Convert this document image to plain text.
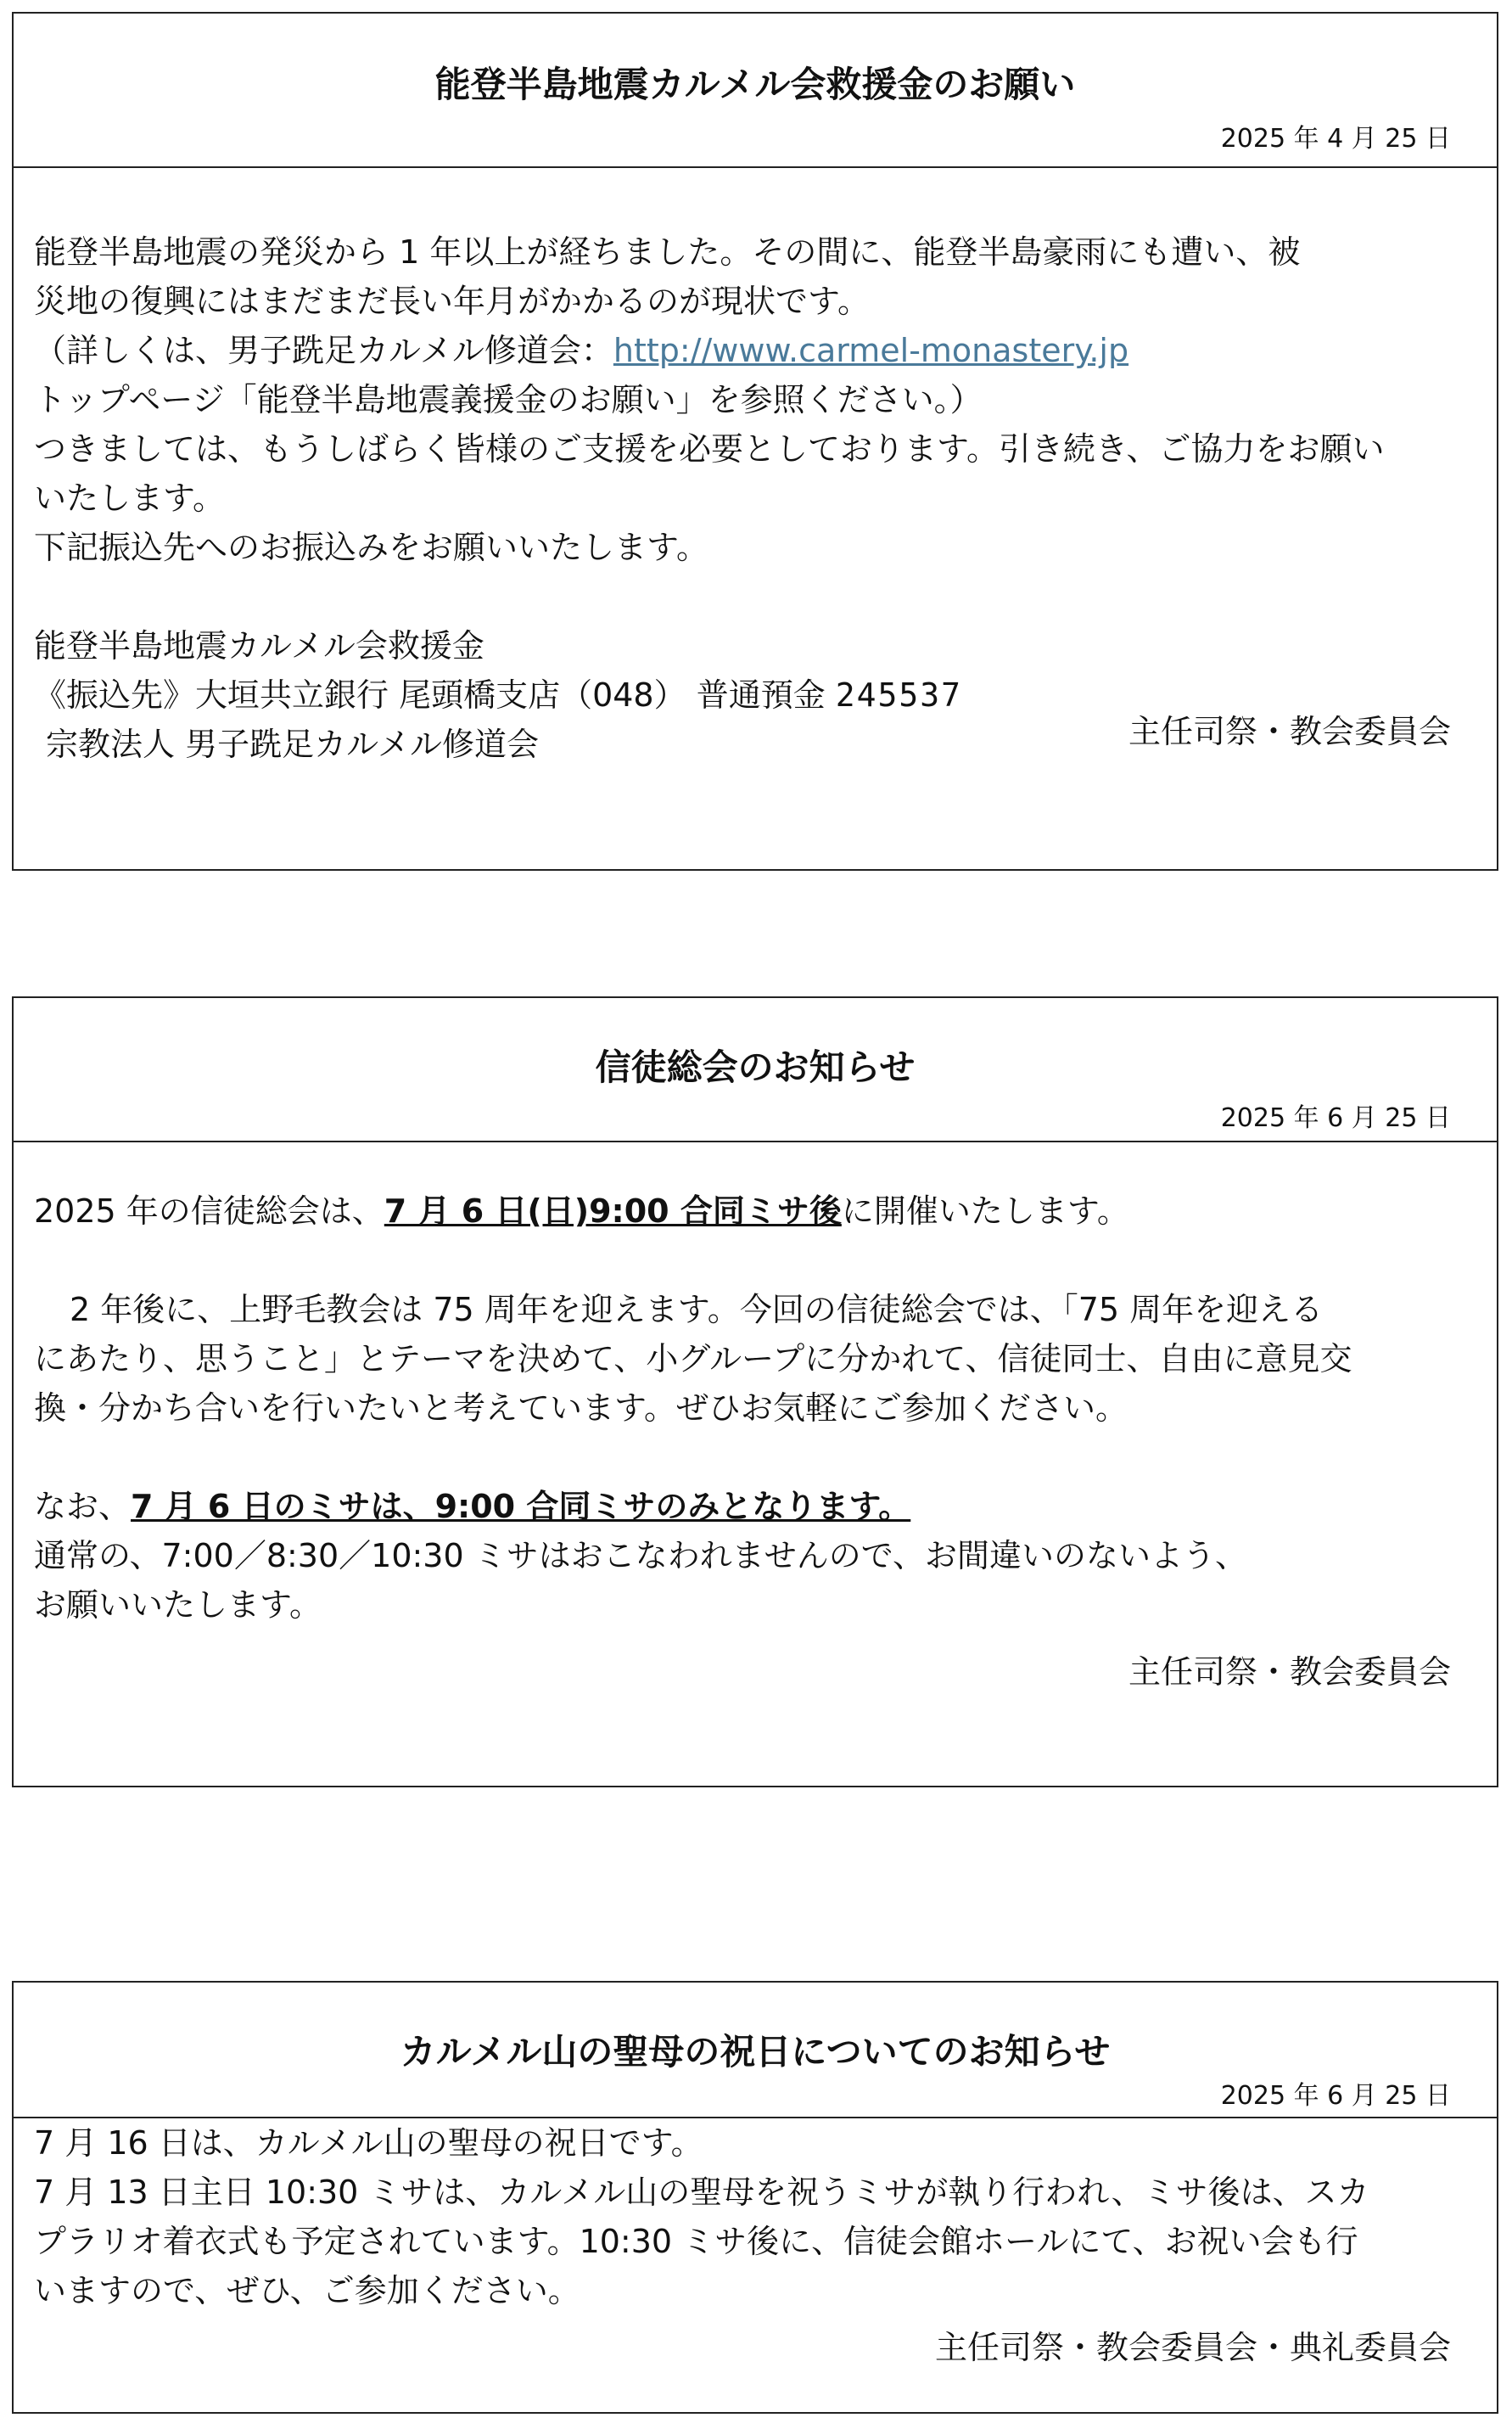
能登半島地震カルメル会救援金のお願い
2025 年 4 月 25 日

能登半島地震の発災から 1 年以上が経ちました。その間に、能登半島豪雨にも遭い、被

災地の復興にはまだまだ長い年月がかかるのが現状です。

（詳しくは、男子跣足カルメル修道会：http://www.carmel-monastery.jp

トップページ「能登半島地震義援金のお願い」を参照ください。）

つきましては、もうしばらく皆様のご支援を必要としております。引き続き、ご協力をお願い

いたします。

下記振込先へのお振込みをお願いいたします。

能登半島地震カルメル会救援金

《振込先》大垣共立銀行 尾頭橋支店（048） 普通預金 245537

宗教法人 男子跣足カルメル修道会	主任司祭・教会委員会
信徒総会のお知らせ
2025 年 6 月 25 日

2025 年の信徒総会は、7 月 6 日(日)9:00 合同ミサ後に開催いたします。

2 年後に、上野毛教会は 75 周年を迎えます。今回の信徒総会では、「75 周年を迎える

にあたり、思うこと」とテーマを決めて、小グループに分かれて、信徒同士、自由に意見交

換・分かち合いを行いたいと考えています。ぜひお気軽にご参加ください。

なお、7 月 6 日のミサは、9:00 合同ミサのみとなります。

通常の、7:00／8:30／10:30 ミサはおこなわれませんので、お間違いのないよう、

お願いいたします。

主任司祭・教会委員会
カルメル山の聖母の祝日についてのお知らせ
2025 年 6 月 25 日

7 月 16 日は、カルメル山の聖母の祝日です。

7 月 13 日主日 10:30 ミサは、カルメル山の聖母を祝うミサが執り行われ、ミサ後は、スカ

プラリオ着衣式も予定されています。10:30 ミサ後に、信徒会館ホールにて、お祝い会も行

いますので、ぜひ、ご参加ください。

主任司祭・教会委員会・典礼委員会
